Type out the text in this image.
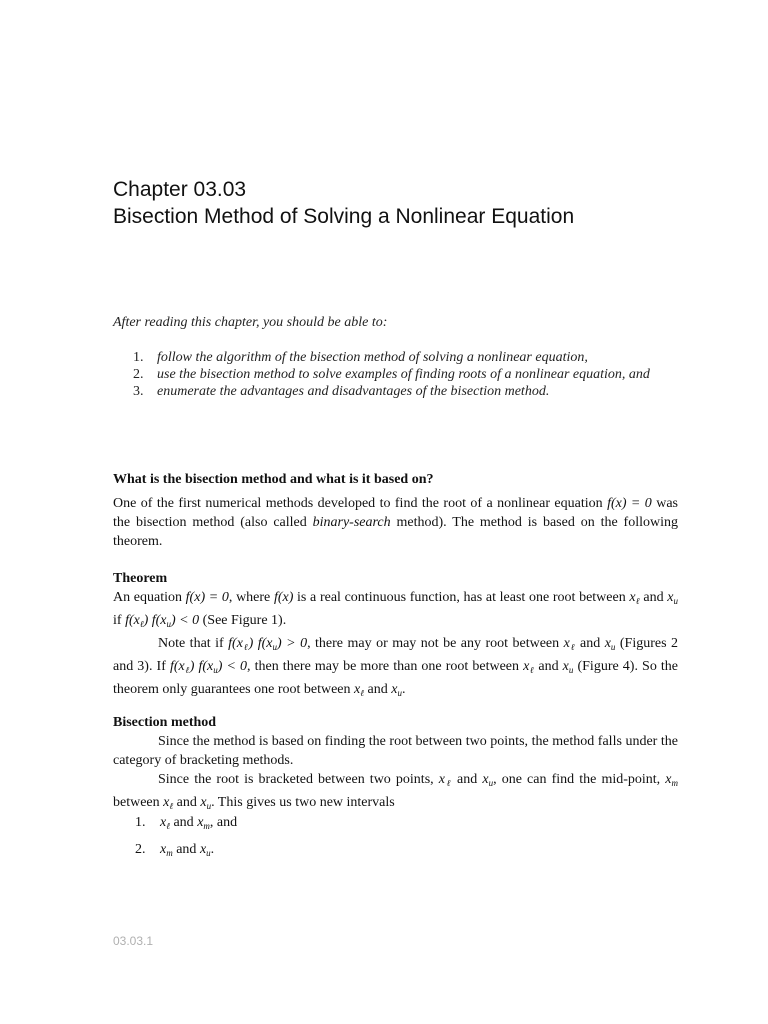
Chapter 03.03
Bisection Method of Solving a Nonlinear Equation
After reading this chapter, you should be able to:
1. follow the algorithm of the bisection method of solving a nonlinear equation,
2. use the bisection method to solve examples of finding roots of a nonlinear equation, and
3. enumerate the advantages and disadvantages of the bisection method.
What is the bisection method and what is it based on?
One of the first numerical methods developed to find the root of a nonlinear equation f(x) = 0 was the bisection method (also called binary-search method). The method is based on the following theorem.
Theorem
An equation f(x) = 0, where f(x) is a real continuous function, has at least one root between $x_\ell$ and $x_u$ if $f(x_\ell) f(x_u) < 0$ (See Figure 1).
Note that if $f(x_\ell) f(x_u) > 0$, there may or may not be any root between $x_\ell$ and $x_u$ (Figures 2 and 3). If $f(x_\ell) f(x_u) < 0$, then there may be more than one root between $x_\ell$ and $x_u$ (Figure 4). So the theorem only guarantees one root between $x_\ell$ and $x_u$.
Bisection method
Since the method is based on finding the root between two points, the method falls under the category of bracketing methods.
Since the root is bracketed between two points, $x_\ell$ and $x_u$, one can find the mid-point, $x_m$ between $x_\ell$ and $x_u$. This gives us two new intervals
1. $x_\ell$ and $x_m$, and
2. $x_m$ and $x_u$.
03.03.1
